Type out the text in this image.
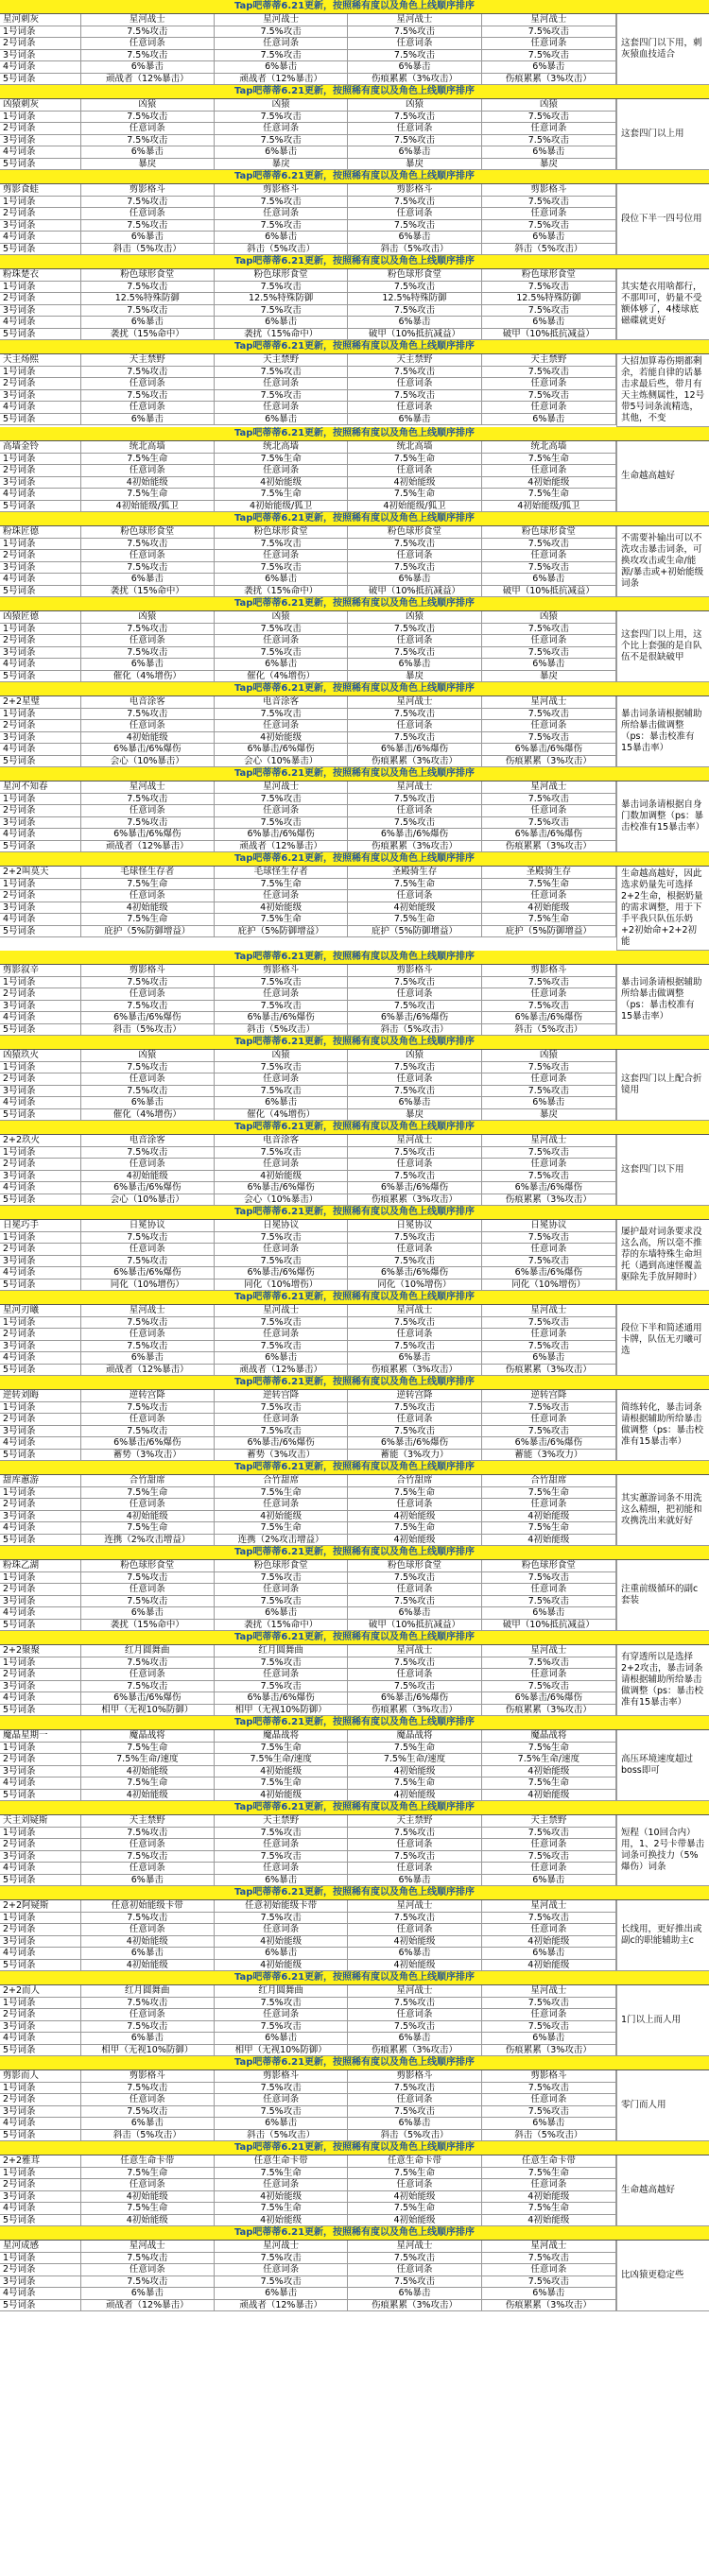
Tap吧蒂蒂6.21更新，按照稀有度以及角色上线顺序排序
星河刺灰	星河战士	星河战士	星河战士	星河战士
1号词条	7.5%攻击	7.5%攻击	7.5%攻击	7.5%攻击
2号词条	任意词条	任意词条	任意词条	任意词条
3号词条	7.5%攻击	7.5%攻击	7.5%攻击	7.5%攻击
4号词条	6%暴击	6%暴击	6%暴击	6%暴击
5号词条	顽战者（12%暴击）	顽战者（12%暴击）	伤痕累累（3%攻击）	伤痕累累（3%攻击）
这套四门以下用，刺灰猿血技适合
Tap吧蒂蒂6.21更新，按照稀有度以及角色上线顺序排序
凶猿刺灰	凶猿	凶猿	凶猿	凶猿
1号词条	7.5%攻击	7.5%攻击	7.5%攻击	7.5%攻击
2号词条	任意词条	任意词条	任意词条	任意词条
3号词条	7.5%攻击	7.5%攻击	7.5%攻击	7.5%攻击
4号词条	6%暴击	6%暴击	6%暴击	6%暴击
5号词条	暴戾	暴戾	暴戾	暴戾
这套四门以上用
Tap吧蒂蒂6.21更新，按照稀有度以及角色上线顺序排序
剪影食蛙	剪影格斗	剪影格斗	剪影格斗	剪影格斗
1号词条	7.5%攻击	7.5%攻击	7.5%攻击	7.5%攻击
2号词条	任意词条	任意词条	任意词条	任意词条
3号词条	7.5%攻击	7.5%攻击	7.5%攻击	7.5%攻击
4号词条	6%暴击	6%暴击	6%暴击	6%暴击
5号词条	斜击（5%攻击）	斜击（5%攻击）	斜击（5%攻击）	斜击（5%攻击）
段位下半一四号位用
Tap吧蒂蒂6.21更新，按照稀有度以及角色上线顺序排序
粉珠楚衣	粉色球形食堂	粉色球形食堂	粉色球形食堂	粉色球形食堂
1号词条	7.5%攻击	7.5%攻击	7.5%攻击	7.5%攻击
2号词条	12.5%特殊防御	12.5%特殊防御	12.5%特殊防御	12.5%特殊防御
3号词条	7.5%攻击	7.5%攻击	7.5%攻击	7.5%攻击
4号词条	6%暴击	6%暴击	6%暴击	6%暴击
5号词条	袭扰（15%命中）	袭扰（15%命中）	破甲（10%抵抗减益）	破甲（10%抵抗减益）
其实楚衣用啥都行，不那叩可，奶量不受额体够了，4楼球底磁碟就更好
Tap吧蒂蒂6.21更新，按照稀有度以及角色上线顺序排序
天主炀熙	天主禁野	天主禁野	天主禁野	天主禁野
1号词条	7.5%攻击	7.5%攻击	7.5%攻击	7.5%攻击
2号词条	任意词条	任意词条	任意词条	任意词条
3号词条	7.5%攻击	7.5%攻击	7.5%攻击	7.5%攻击
4号词条	任意词条	任意词条	任意词条	任意词条
5号词条	6%暴击	6%暴击	6%暴击	6%暴击
大招加算毒伤期都剩余，若能自律的话暴击求最后些，带月有天主炼侧属性，12号带5号词条流精选，其他，不变
Tap吧蒂蒂6.21更新，按照稀有度以及角色上线顺序排序
高墙金铃	统北高墙	统北高墙	统北高墙	统北高墙
1号词条	7.5%生命	7.5%生命	7.5%生命	7.5%生命
2号词条	任意词条	任意词条	任意词条	任意词条
3号词条	4初始能级	4初始能级	4初始能级	4初始能级
4号词条	7.5%生命	7.5%生命	7.5%生命	7.5%生命
5号词条	4初始能级/狐卫	4初始能级/狐卫	4初始能级/狐卫	4初始能级/狐卫
生命越高越好
Tap吧蒂蒂6.21更新，按照稀有度以及角色上线顺序排序
粉珠匠德	粉色球形食堂	粉色球形食堂	粉色球形食堂	粉色球形食堂
1号词条	7.5%攻击	7.5%攻击	7.5%攻击	7.5%攻击
2号词条	任意词条	任意词条	任意词条	任意词条
3号词条	7.5%攻击	7.5%攻击	7.5%攻击	7.5%攻击
4号词条	6%暴击	6%暴击	6%暴击	6%暴击
5号词条	袭扰（15%命中）	袭扰（15%命中）	破甲（10%抵抗减益）	破甲（10%抵抗减益）
不需要补输出可以不洗攻击暴击词条，可换攻攻击或生命/能源/暴击或+初始能级词条
Tap吧蒂蒂6.21更新，按照稀有度以及角色上线顺序排序
凶猿匠德	凶猿	凶猿	凶猿	凶猿
1号词条	7.5%攻击	7.5%攻击	7.5%攻击	7.5%攻击
2号词条	任意词条	任意词条	任意词条	任意词条
3号词条	7.5%攻击	7.5%攻击	7.5%攻击	7.5%攻击
4号词条	6%暴击	6%暴击	6%暴击	6%暴击
5号词条	催化（4%增伤）	催化（4%增伤）	暴戾	暴戾
这套四门以上用，这个比上套强的是自队伍不是很缺破甲
Tap吧蒂蒂6.21更新，按照稀有度以及角色上线顺序排序
2+2星璧	电音涂客	电音涂客	星河战士	星河战士
1号词条	7.5%攻击	7.5%攻击	7.5%攻击	7.5%攻击
2号词条	任意词条	任意词条	任意词条	任意词条
3号词条	4初始能级	4初始能级	7.5%攻击	7.5%攻击
4号词条	6%暴击/6%爆伤	6%暴击/6%爆伤	6%暴击/6%爆伤	6%暴击/6%爆伤
5号词条	会心（10%暴击）	会心（10%暴击）	伤痕累累（3%攻击）	伤痕累累（3%攻击）
暴击词条请根据辅助所给暴击做调整（ps：暴击校准有15暴击率）
Tap吧蒂蒂6.21更新，按照稀有度以及角色上线顺序排序
星河不知春	星河战士	星河战士	星河战士	星河战士
1号词条	7.5%攻击	7.5%攻击	7.5%攻击	7.5%攻击
2号词条	任意词条	任意词条	任意词条	任意词条
3号词条	7.5%攻击	7.5%攻击	7.5%攻击	7.5%攻击
4号词条	6%暴击/6%爆伤	6%暴击/6%爆伤	6%暴击/6%爆伤	6%暴击/6%爆伤
5号词条	顽战者（12%暴击）	顽战者（12%暴击）	伤痕累累（3%攻击）	伤痕累累（3%攻击）
暴击词条请根据自身门数加调整（ps：暴击校准有15暴击率）
Tap吧蒂蒂6.21更新，按照稀有度以及角色上线顺序排序
2+2叫莫天	毛球怪生存者	毛球怪生存者	圣殿骑生存	圣殿骑生存
1号词条	7.5%生命	7.5%生命	7.5%生命	7.5%生命
2号词条	任意词条	任意词条	任意词条	任意词条
3号词条	4初始能级	4初始能级	4初始能级	4初始能级
4号词条	7.5%生命	7.5%生命	7.5%生命	7.5%生命
5号词条	庇护（5%防御增益）	庇护（5%防御增益）	庇护（5%防御增益）	庇护（5%防御增益）
生命越高越好，因此选求奶量先可选择2+2生命，根据奶量的需求调整，用于下手平我只队伍乐奶+2初始命+2+2初能
Tap吧蒂蒂6.21更新，按照稀有度以及角色上线顺序排序
剪影叙辛	剪影格斗	剪影格斗	剪影格斗	剪影格斗
1号词条	7.5%攻击	7.5%攻击	7.5%攻击	7.5%攻击
2号词条	任意词条	任意词条	任意词条	任意词条
3号词条	7.5%攻击	7.5%攻击	7.5%攻击	7.5%攻击
4号词条	6%暴击/6%爆伤	6%暴击/6%爆伤	6%暴击/6%爆伤	6%暴击/6%爆伤
5号词条	斜击（5%攻击）	斜击（5%攻击）	斜击（5%攻击）	斜击（5%攻击）
暴击词条请根据辅助所给暴击做调整（ps：暴击校准有15暴击率）
Tap吧蒂蒂6.21更新，按照稀有度以及角色上线顺序排序
凶猿玖火	凶猿	凶猿	凶猿	凶猿
1号词条	7.5%攻击	7.5%攻击	7.5%攻击	7.5%攻击
2号词条	任意词条	任意词条	任意词条	任意词条
3号词条	7.5%攻击	7.5%攻击	7.5%攻击	7.5%攻击
4号词条	6%暴击	6%暴击	6%暴击	6%暴击
5号词条	催化（4%增伤）	催化（4%增伤）	暴戾	暴戾
这套四门以上配合折镜用
Tap吧蒂蒂6.21更新，按照稀有度以及角色上线顺序排序
2+2玖火	电音涂客	电音涂客	星河战士	星河战士
1号词条	7.5%攻击	7.5%攻击	7.5%攻击	7.5%攻击
2号词条	任意词条	任意词条	任意词条	任意词条
3号词条	4初始能级	4初始能级	7.5%攻击	7.5%攻击
4号词条	6%暴击/6%爆伤	6%暴击/6%爆伤	6%暴击/6%爆伤	6%暴击/6%爆伤
5号词条	会心（10%暴击）	会心（10%暴击）	伤痕累累（3%攻击）	伤痕累累（3%攻击）
这套四门以下用
Tap吧蒂蒂6.21更新，按照稀有度以及角色上线顺序排序
日冕巧手	日冕协议	日冕协议	日冕协议	日冕协议
1号词条	7.5%攻击	7.5%攻击	7.5%攻击	7.5%攻击
2号词条	任意词条	任意词条	任意词条	任意词条
3号词条	7.5%攻击	7.5%攻击	7.5%攻击	7.5%攻击
4号词条	6%暴击/6%爆伤	6%暴击/6%爆伤	6%暴击/6%爆伤	6%暴击/6%爆伤
5号词条	同化（10%增伤）	同化（10%增伤）	同化（10%增伤）	同化（10%增伤）
屡护最对词条要求没这么高，所以毫不推荐的东墙特殊生命坦托（遇到高速怪覆盖驱除先手放屏障时）
Tap吧蒂蒂6.21更新，按照稀有度以及角色上线顺序排序
星河刃曦	星河战士	星河战士	星河战士	星河战士
1号词条	7.5%攻击	7.5%攻击	7.5%攻击	7.5%攻击
2号词条	任意词条	任意词条	任意词条	任意词条
3号词条	7.5%攻击	7.5%攻击	7.5%攻击	7.5%攻击
4号词条	6%暴击	6%暴击	6%暴击	6%暴击
5号词条	顽战者（12%暴击）	顽战者（12%暴击）	伤痕累累（3%攻击）	伤痕累累（3%攻击）
段位下半和简述通用卡牌，队伍无刃曦可选
Tap吧蒂蒂6.21更新，按照稀有度以及角色上线顺序排序
逆转刘晦	逆转宫降	逆转宫降	逆转宫降	逆转宫降
1号词条	7.5%攻击	7.5%攻击	7.5%攻击	7.5%攻击
2号词条	任意词条	任意词条	任意词条	任意词条
3号词条	7.5%攻击	7.5%攻击	7.5%攻击	7.5%攻击
4号词条	6%暴击/6%爆伤	6%暴击/6%爆伤	6%暴击/6%爆伤	6%暴击/6%爆伤
5号词条	蓄势（3%攻击）	蓄势（3%攻击）	蓄能（3%攻力）	蓄能（3%攻力）
简练转化，暴击词条请根据辅助所给暴击做调整（ps：暴击校准有15暴击率）
Tap吧蒂蒂6.21更新，按照稀有度以及角色上线顺序排序
甜库蕙游	合竹甜席	合竹甜席	合竹甜席	合竹甜席
1号词条	7.5%生命	7.5%生命	7.5%生命	7.5%生命
2号词条	任意词条	任意词条	任意词条	任意词条
3号词条	4初始能级	4初始能级	4初始能级	4初始能级
4号词条	7.5%生命	7.5%生命	7.5%生命	7.5%生命
5号词条	连携（2%攻击增益）	连携（2%攻击增益）	4初始能级	4初始能级
其实蕙游词条不用洗这么精细，把初能和攻携洗出来就好好
Tap吧蒂蒂6.21更新，按照稀有度以及角色上线顺序排序
粉珠乙湖	粉色球形食堂	粉色球形食堂	粉色球形食堂	粉色球形食堂
1号词条	7.5%攻击	7.5%攻击	7.5%攻击	7.5%攻击
2号词条	任意词条	任意词条	任意词条	任意词条
3号词条	7.5%攻击	7.5%攻击	7.5%攻击	7.5%攻击
4号词条	6%暴击	6%暴击	6%暴击	6%暴击
5号词条	袭扰（15%命中）	袭扰（15%命中）	破甲（10%抵抗减益）	破甲（10%抵抗减益）
注重前级循环的副c套装
Tap吧蒂蒂6.21更新，按照稀有度以及角色上线顺序排序
2+2聚聚	红月圆舞曲	红月圆舞曲	星河战士	星河战士
1号词条	7.5%攻击	7.5%攻击	7.5%攻击	7.5%攻击
2号词条	任意词条	任意词条	任意词条	任意词条
3号词条	7.5%攻击	7.5%攻击	7.5%攻击	7.5%攻击
4号词条	6%暴击/6%爆伤	6%暴击/6%爆伤	6%暴击/6%爆伤	6%暴击/6%爆伤
5号词条	相甲（无视10%防御）	相甲（无视10%防御）	伤痕累累（3%攻击）	伤痕累累（3%攻击）
有穿透所以是选择2+2攻击，暴击词条请根据辅助所给暴击做调整（ps：暴击校准有15暴击率）
Tap吧蒂蒂6.21更新，按照稀有度以及角色上线顺序排序
魔晶星期一	魔晶战将	魔晶战将	魔晶战将	魔晶战将
1号词条	7.5%生命	7.5%生命	7.5%生命	7.5%生命
2号词条	7.5%生命/速度	7.5%生命/速度	7.5%生命/速度	7.5%生命/速度
3号词条	4初始能级	4初始能级	4初始能级	4初始能级
4号词条	7.5%生命	7.5%生命	7.5%生命	7.5%生命
5号词条	4初始能级	4初始能级	4初始能级	4初始能级
高压环境速度超过boss即可
Tap吧蒂蒂6.21更新，按照稀有度以及角色上线顺序排序
天主刘疑斯	天主禁野	天主禁野	天主禁野	天主禁野
1号词条	7.5%攻击	7.5%攻击	7.5%攻击	7.5%攻击
2号词条	任意词条	任意词条	任意词条	任意词条
3号词条	7.5%攻击	7.5%攻击	7.5%攻击	7.5%攻击
4号词条	任意词条	任意词条	任意词条	任意词条
5号词条	6%暴击	6%暴击	6%暴击	6%暴击
短程（10回合内）用，1、2号卡带暴击词条可换技力（5%爆伤）词条
Tap吧蒂蒂6.21更新，按照稀有度以及角色上线顺序排序
2+2阿疑斯	任意初始能级卡带	任意初始能级卡带	星河战士	星河战士
1号词条	7.5%攻击	7.5%攻击	7.5%攻击	7.5%攻击
2号词条	任意词条	任意词条	任意词条	任意词条
3号词条	4初始能级	4初始能级	4初始能级	4初始能级
4号词条	6%暴击	6%暴击	6%暴击	6%暴击
5号词条	4初始能级	4初始能级	4初始能级	4初始能级
长线用，更好推出或副c的职能辅助主c
Tap吧蒂蒂6.21更新，按照稀有度以及角色上线顺序排序
2+2而人	红月圆舞曲	红月圆舞曲	星河战士	星河战士
1号词条	7.5%攻击	7.5%攻击	7.5%攻击	7.5%攻击
2号词条	任意词条	任意词条	任意词条	任意词条
3号词条	7.5%攻击	7.5%攻击	7.5%攻击	7.5%攻击
4号词条	6%暴击	6%暴击	6%暴击	6%暴击
5号词条	相甲（无视10%防御）	相甲（无视10%防御）	伤痕累累（3%攻击）	伤痕累累（3%攻击）
1门以上而人用
Tap吧蒂蒂6.21更新，按照稀有度以及角色上线顺序排序
剪影而人	剪影格斗	剪影格斗	剪影格斗	剪影格斗
1号词条	7.5%攻击	7.5%攻击	7.5%攻击	7.5%攻击
2号词条	任意词条	任意词条	任意词条	任意词条
3号词条	7.5%攻击	7.5%攻击	7.5%攻击	7.5%攻击
4号词条	6%暴击	6%暴击	6%暴击	6%暴击
5号词条	斜击（5%攻击）	斜击（5%攻击）	斜击（5%攻击）	斜击（5%攻击）
零门而人用
Tap吧蒂蒂6.21更新，按照稀有度以及角色上线顺序排序
2+2雅茸	任意生命卡带	任意生命卡带	任意生命卡带	任意生命卡带
1号词条	7.5%生命	7.5%生命	7.5%生命	7.5%生命
2号词条	任意词条	任意词条	任意词条	任意词条
3号词条	4初始能级	4初始能级	4初始能级	4初始能级
4号词条	7.5%生命	7.5%生命	7.5%生命	7.5%生命
5号词条	4初始能级	4初始能级	4初始能级	4初始能级
生命越高越好
Tap吧蒂蒂6.21更新，按照稀有度以及角色上线顺序排序
星河成感	星河战士	星河战士	星河战士	星河战士
1号词条	7.5%攻击	7.5%攻击	7.5%攻击	7.5%攻击
2号词条	任意词条	任意词条	任意词条	任意词条
3号词条	7.5%攻击	7.5%攻击	7.5%攻击	7.5%攻击
4号词条	6%暴击	6%暴击	6%暴击	6%暴击
5号词条	顽战者（12%暴击）	顽战者（12%暴击）	伤痕累累（3%攻击）	伤痕累累（3%攻击）
比凶猿更稳定些
